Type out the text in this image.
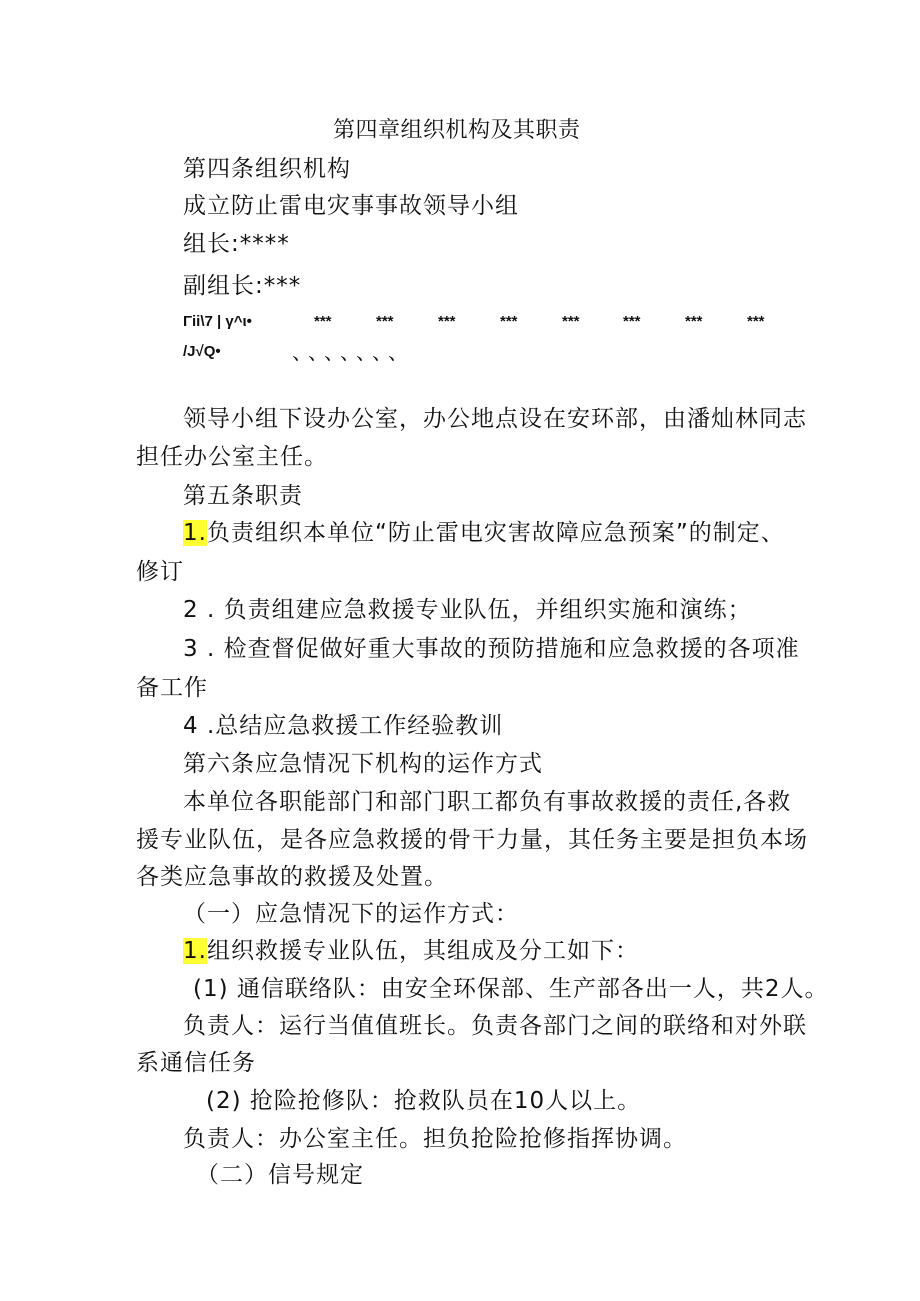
第四章组织机构及其职责
第四条组织机构
成立防止雷电灾事事故领导小组
组长:****
副组长:***
Γii\7 | γ^ι•	***	***	***	***	***	***	***	***
/J√Q•	、、、、、、、
领导小组下设办公室，办公地点设在安环部，由潘灿林同志
担任办公室主任。
第五条职责
1.负责组织本单位“防止雷电灾害故障应急预案”的制定、
修订
2 . 负责组建应急救援专业队伍，并组织实施和演练；
3 . 检查督促做好重大事故的预防措施和应急救援的各项准
备工作
4 .总结应急救援工作经验教训
第六条应急情况下机构的运作方式
本单位各职能部门和部门职工都负有事故救援的责任,各救
援专业队伍，是各应急救援的骨干力量，其任务主要是担负本场
各类应急事故的救援及处置。
（一）应急情况下的运作方式：
1.组织救援专业队伍，其组成及分工如下：
(1) 通信联络队：由安全环保部、生产部各出一人，共2人。
负责人：运行当值值班长。负责各部门之间的联络和对外联
系通信任务
(2) 抢险抢修队：抢救队员在10人以上。
负责人：办公室主任。担负抢险抢修指挥协调。
（二）信号规定
